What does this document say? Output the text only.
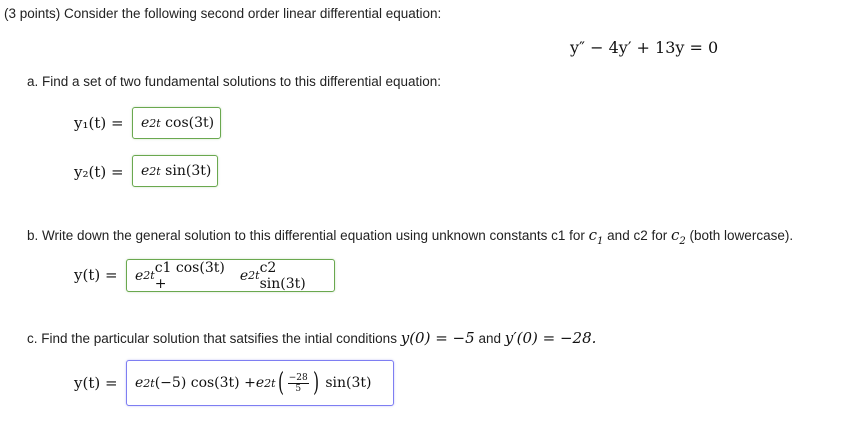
(3 points) Consider the following second order linear differential equation:
y″ − 4y′ + 13y = 0
a. Find a set of two fundamental solutions to this differential equation:
y₁(t) = e 2t
cos(3t)
y₂(t) = e 2t
sin(3t)
b. Write down the general solution to this differential equation using unknown constants c1 for $c_1$ and c2 for $c_2$ (both lowercase).
y(t) = e 2t c1 cos(3t) +	e 2t c2 sin(3t)
c. Find the particular solution that satsifies the intial conditions y(0) = −5 and y′(0) = −28.
y(t) = e 2t (−5) cos(3t) + e 2t ( $\frac{-28}{5}$ )
sin(3t)
